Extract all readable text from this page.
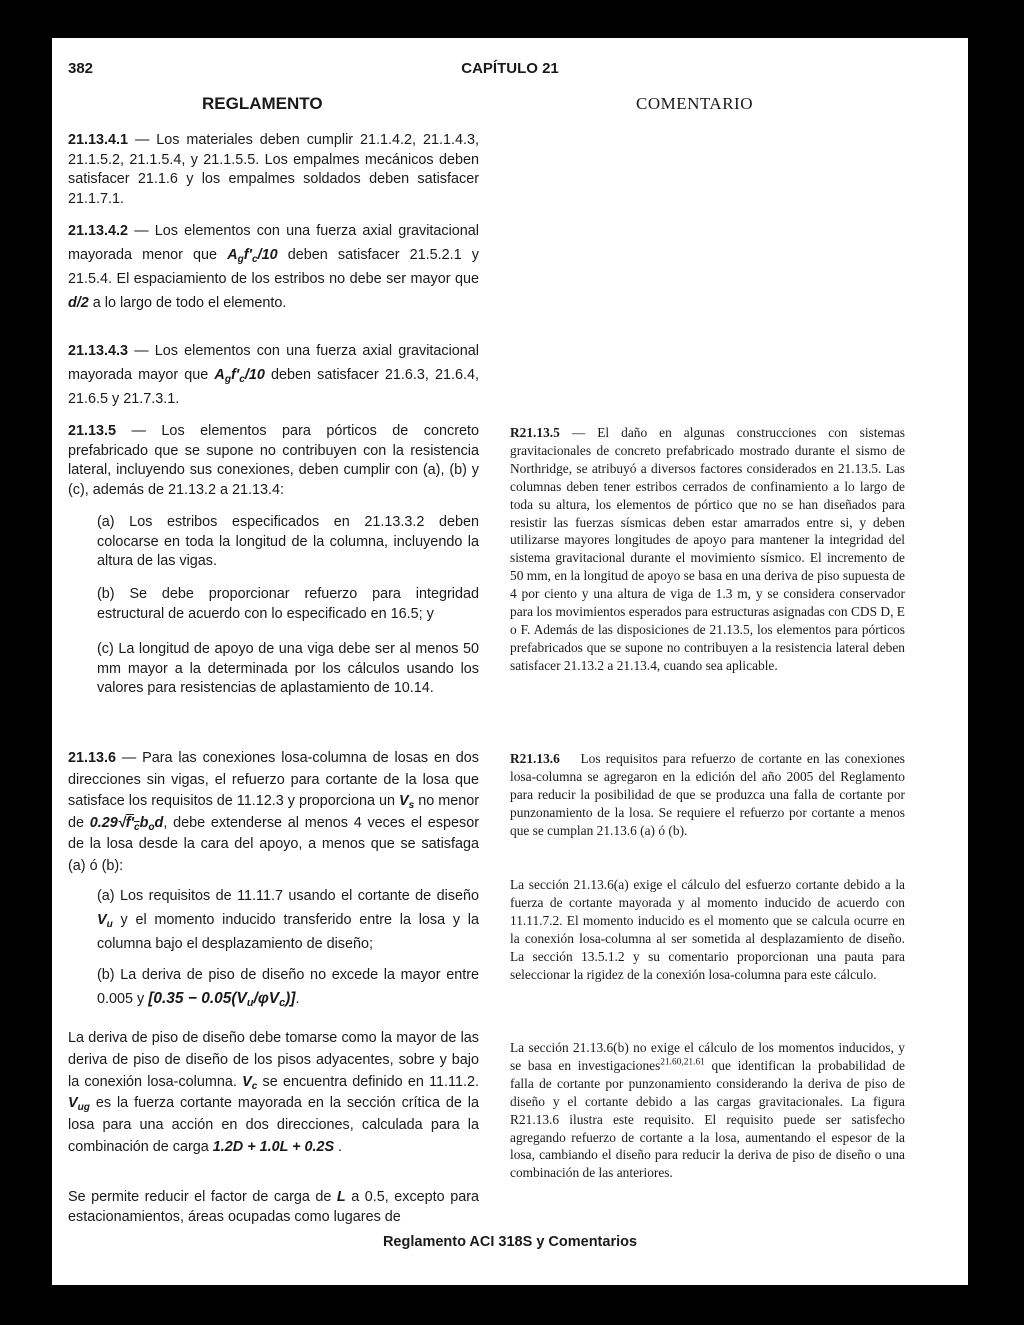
382	CAPÍTULO 21
REGLAMENTO	COMENTARIO
21.13.4.1 — Los materiales deben cumplir 21.1.4.2, 21.1.4.3, 21.1.5.2, 21.1.5.4, y 21.1.5.5. Los empalmes mecánicos deben satisfacer 21.1.6 y los empalmes soldados deben satisfacer 21.1.7.1.
21.13.4.2 — Los elementos con una fuerza axial gravitacional mayorada menor que $A_gf'_c/10$ deben satisfacer 21.5.2.1 y 21.5.4. El espaciamiento de los estribos no debe ser mayor que d/2 a lo largo de todo el elemento.
21.13.4.3 — Los elementos con una fuerza axial gravitacional mayorada mayor que $A_gf'_c/10$ deben satisfacer 21.6.3, 21.6.4, 21.6.5 y 21.7.3.1.
21.13.5 — Los elementos para pórticos de concreto prefabricado que se supone no contribuyen con la resistencia lateral, incluyendo sus conexiones, deben cumplir con (a), (b) y (c), además de 21.13.2 a 21.13.4:
(a) Los estribos especificados en 21.13.3.2 deben colocarse en toda la longitud de la columna, incluyendo la altura de las vigas.
(b) Se debe proporcionar refuerzo para integridad estructural de acuerdo con lo especificado en 16.5; y
(c) La longitud de apoyo de una viga debe ser al menos 50 mm mayor a la determinada por los cálculos usando los valores para resistencias de aplastamiento de 10.14.
21.13.6 — Para las conexiones losa-columna de losas en dos direcciones sin vigas, el refuerzo para cortante de la losa que satisface los requisitos de 11.12.3 y proporciona un $V_s$ no menor de $0.29√f'_cb_od$, debe extenderse al menos 4 veces el espesor de la losa desde la cara del apoyo, a menos que se satisfaga (a) ó (b):
(a) Los requisitos de 11.11.7 usando el cortante de diseño $V_u$ y el momento inducido transferido entre la losa y la columna bajo el desplazamiento de diseño;
(b) La deriva de piso de diseño no excede la mayor entre 0.005 y $[0.35 - 0.05(V_u/\varphi V_c)]$.
La deriva de piso de diseño debe tomarse como la mayor de las deriva de piso de diseño de los pisos adyacentes, sobre y bajo la conexión losa-columna. $V_c$ se encuentra definido en 11.11.2. $V_{ug}$ es la fuerza cortante mayorada en la sección crítica de la losa para una acción en dos direcciones, calculada para la combinación de carga 1.2D + 1.0L + 0.2S .
Se permite reducir el factor de carga de L a 0.5, excepto para estacionamientos, áreas ocupadas como lugares de
R21.13.5 — El daño en algunas construcciones con sistemas gravitacionales de concreto prefabricado mostrado durante el sismo de Northridge, se atribuyó a diversos factores considerados en 21.13.5. Las columnas deben tener estribos cerrados de confinamiento a lo largo de toda su altura, los elementos de pórtico que no se han diseñados para resistir las fuerzas sísmicas deben estar amarrados entre si, y deben utilizarse mayores longitudes de apoyo para mantener la integridad del sistema gravitacional durante el movimiento sísmico. El incremento de 50 mm, en la longitud de apoyo se basa en una deriva de piso supuesta de 4 por ciento y una altura de viga de 1.3 m, y se considera conservador para los movimientos esperados para estructuras asignadas con CDS D, E o F. Además de las disposiciones de 21.13.5, los elementos para pórticos prefabricados que se supone no contribuyen a la resistencia lateral deben satisfacer 21.13.2 a 21.13.4, cuando sea aplicable.
R21.13.6    Los requisitos para refuerzo de cortante en las conexiones losa-columna se agregaron en la edición del año 2005 del Reglamento para reducir la posibilidad de que se produzca una falla de cortante por punzonamiento de la losa. Se requiere el refuerzo por cortante a menos que se cumplan 21.13.6 (a) ó (b).
La sección 21.13.6(a) exige el cálculo del esfuerzo cortante debido a la fuerza de cortante mayorada y al momento inducido de acuerdo con 11.11.7.2. El momento inducido es el momento que se calcula ocurre en la conexión losa-columna al ser sometida al desplazamiento de diseño. La sección 13.5.1.2 y su comentario proporcionan una pauta para seleccionar la rigidez de la conexión losa-columna para este cálculo.
La sección 21.13.6(b) no exige el cálculo de los momentos inducidos, y se basa en investigaciones$^{21.60,21.61}$ que identifican la probabilidad de falla de cortante por punzonamiento considerando la deriva de piso de diseño y el cortante debido a las cargas gravitacionales. La figura R21.13.6 ilustra este requisito. El requisito puede ser satisfecho agregando refuerzo de cortante a la losa, aumentando el espesor de la losa, cambiando el diseño para reducir la deriva de piso de diseño o una combinación de las anteriores.
Reglamento ACI 318S y Comentarios
